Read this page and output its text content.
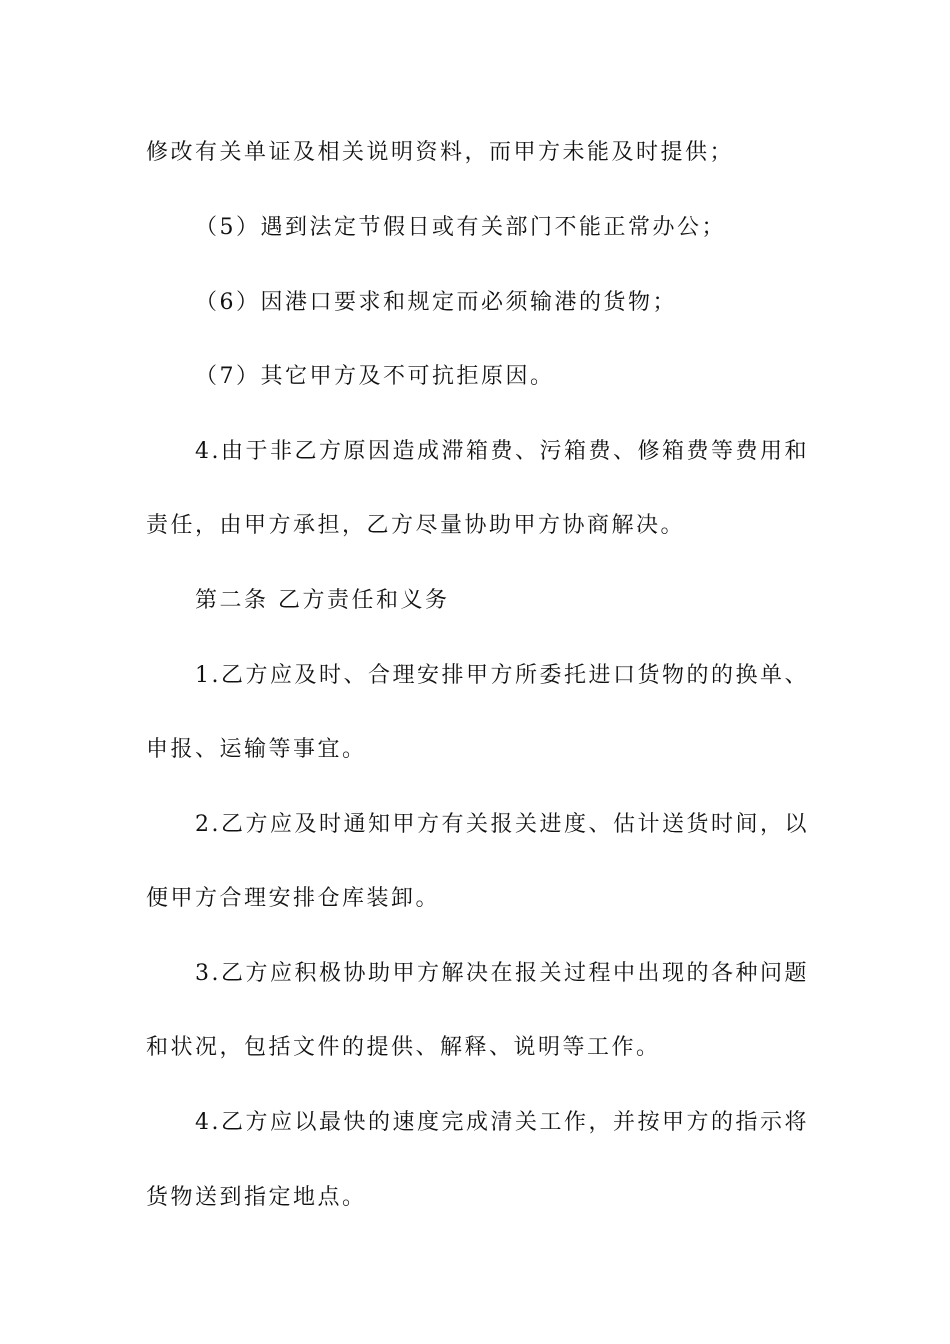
修改有关单证及相关说明资料，而甲方未能及时提供；
（5）遇到法定节假日或有关部门不能正常办公；
（6）因港口要求和规定而必须输港的货物；
（7）其它甲方及不可抗拒原因。
4.由于非乙方原因造成滞箱费、污箱费、修箱费等费用和
责任，由甲方承担，乙方尽量协助甲方协商解决。
第二条 乙方责任和义务
1.乙方应及时、合理安排甲方所委托进口货物的的换单、
申报、运输等事宜。
2.乙方应及时通知甲方有关报关进度、估计送货时间，以
便甲方合理安排仓库装卸。
3.乙方应积极协助甲方解决在报关过程中出现的各种问题
和状况，包括文件的提供、解释、说明等工作。
4.乙方应以最快的速度完成清关工作，并按甲方的指示将
货物送到指定地点。
